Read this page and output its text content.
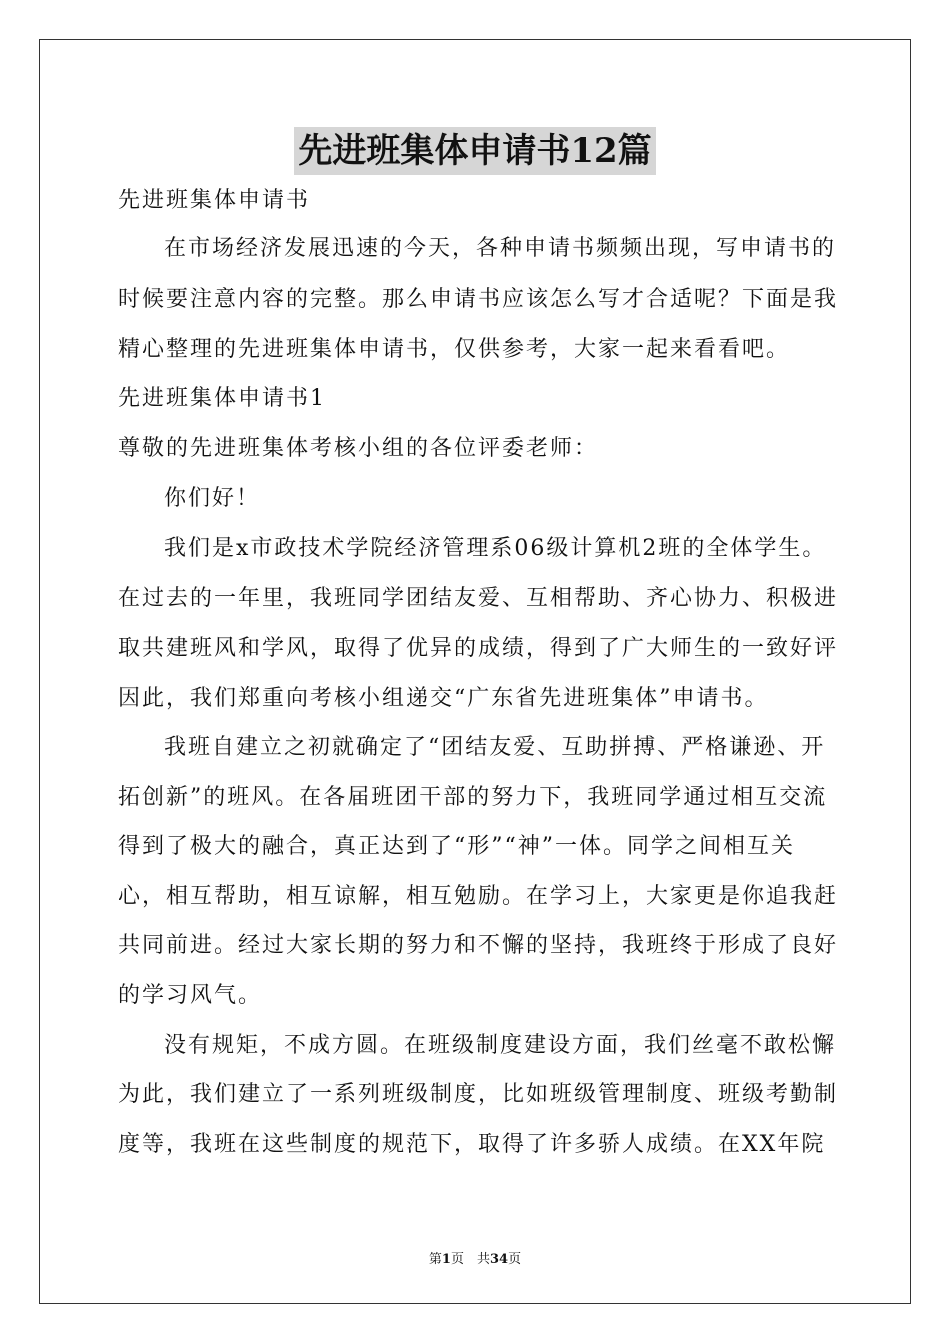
先进班集体申请书12篇
先进班集体申请书
在市场经济发展迅速的今天，各种申请书频频出现，写申请书的
时候要注意内容的完整。那么申请书应该怎么写才合适呢？下面是我
精心整理的先进班集体申请书，仅供参考，大家一起来看看吧。
先进班集体申请书1
尊敬的先进班集体考核小组的各位评委老师：
你们好！
我们是x市政技术学院经济管理系06级计算机2班的全体学生。
在过去的一年里，我班同学团结友爱、互相帮助、齐心协力、积极进
取共建班风和学风，取得了优异的成绩，得到了广大师生的一致好评
因此，我们郑重向考核小组递交“广东省先进班集体”申请书。
我班自建立之初就确定了“团结友爱、互助拼搏、严格谦逊、开
拓创新”的班风。在各届班团干部的努力下，我班同学通过相互交流
得到了极大的融合，真正达到了“形”“神”一体。同学之间相互关
心，相互帮助，相互谅解，相互勉励。在学习上，大家更是你追我赶
共同前进。经过大家长期的努力和不懈的坚持，我班终于形成了良好
的学习风气。
没有规矩，不成方圆。在班级制度建设方面，我们丝毫不敢松懈
为此，我们建立了一系列班级制度，比如班级管理制度、班级考勤制
度等，我班在这些制度的规范下，取得了许多骄人成绩。在XX年院
第1页　共34页
